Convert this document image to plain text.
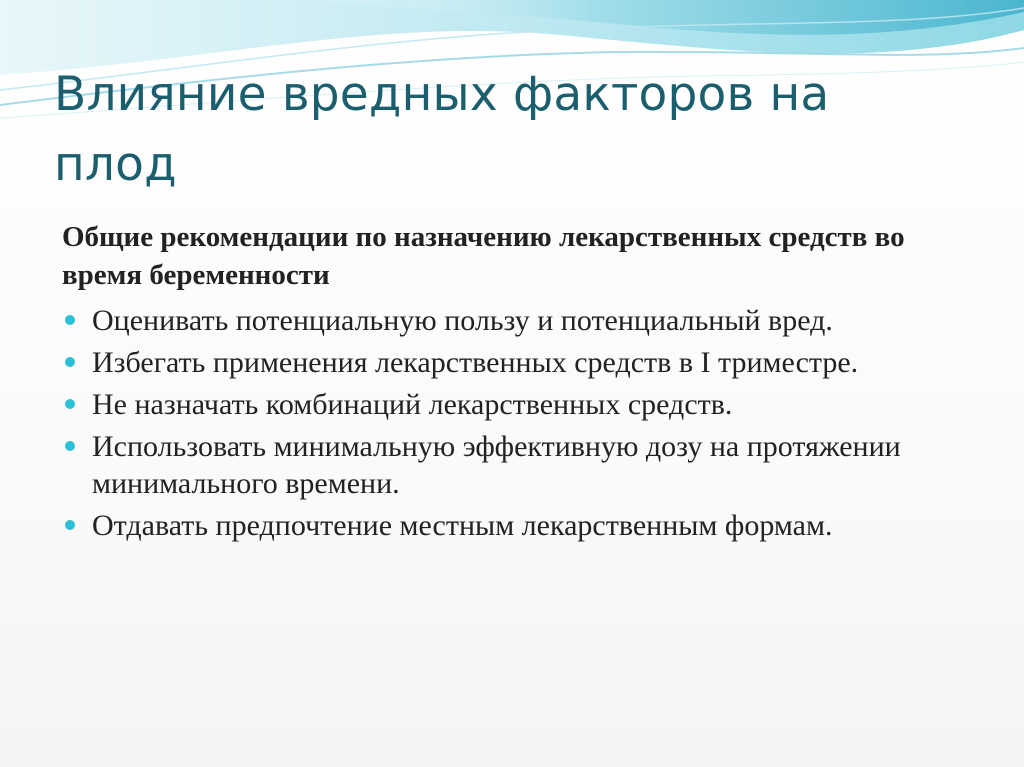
Влияние вредных факторов на плод

Общие рекомендации по назначению лекарственных средств во время беременности

Оценивать потенциальную пользу и потенциальный вред.
Избегать применения лекарственных средств в I триместре.
Не назначать комбинаций лекарственных средств.
Использовать минимальную эффективную дозу на протяжении минимального времени.
Отдавать предпочтение местным лекарственным формам.
